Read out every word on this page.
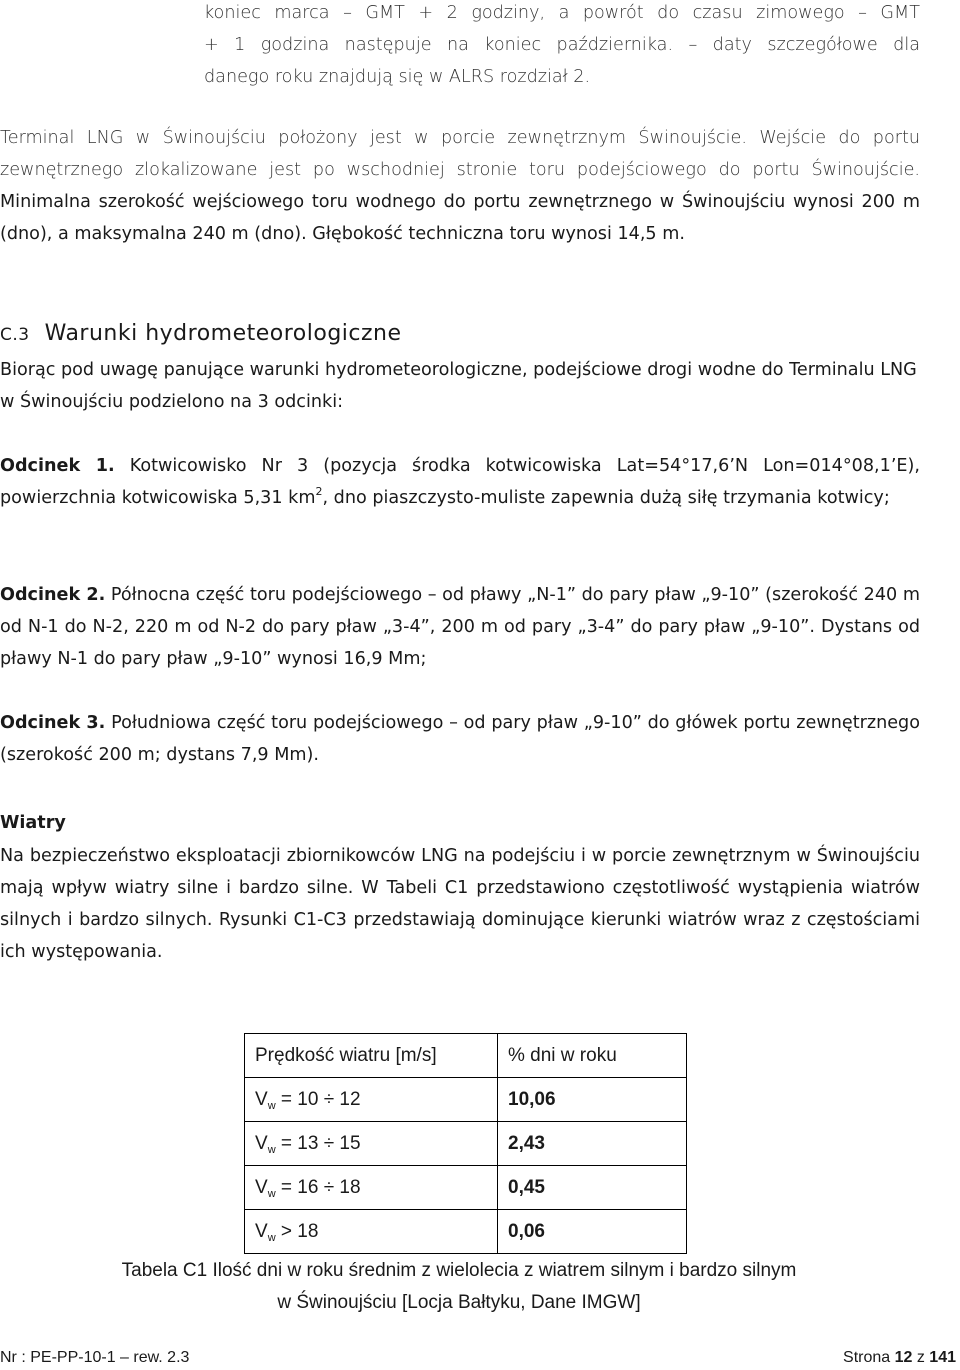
koniec marca – GMT + 2 godziny, a powrót do czasu zimowego – GMT
+ 1 godzina następuje na koniec października. – daty szczegółowe dla
danego roku znajdują się w ALRS rozdział 2.
Terminal LNG w Świnoujściu położony jest w porcie zewnętrznym Świnoujście. Wejście do portu zewnętrznego zlokalizowane jest po wschodniej stronie toru podejściowego do portu Świnoujście. Minimalna szerokość wejściowego toru wodnego do portu zewnętrznego w Świnoujściu wynosi 200 m (dno), a maksymalna 240 m (dno). Głębokość techniczna toru wynosi 14,5 m.
C.3 Warunki hydrometeorologiczne
Biorąc pod uwagę panujące warunki hydrometeorologiczne, podejściowe drogi wodne do Terminalu LNG w Świnoujściu podzielono na 3 odcinki:
Odcinek 1. Kotwicowisko Nr 3 (pozycja środka kotwicowiska Lat=54°17,6’N Lon=014°08,1’E), powierzchnia kotwicowiska 5,31 $km^2$, dno piaszczysto-muliste zapewnia dużą siłę trzymania kotwicy;
Odcinek 2. Północna część toru podejściowego – od pławy „N-1” do pary pław „9-10” (szerokość 240 m od N-1 do N-2, 220 m od N-2 do pary pław „3-4”, 200 m od pary „3-4” do pary pław „9-10”. Dystans od pławy N-1 do pary pław „9-10” wynosi 16,9 Mm;
Odcinek 3. Południowa część toru podejściowego – od pary pław „9-10” do główek portu zewnętrznego (szerokość 200 m; dystans 7,9 Mm).
Wiatry
Na bezpieczeństwo eksploatacji zbiornikowców LNG na podejściu i w porcie zewnętrznym w Świnoujściu mają wpływ wiatry silne i bardzo silne. W Tabeli C1 przedstawiono częstotliwość wystąpienia wiatrów silnych i bardzo silnych. Rysunki C1-C3 przedstawiają dominujące kierunki wiatrów wraz z częstościami ich występowania.
Prędkość wiatru [m/s]	% dni w roku
$V_w = 10 \div 12$	10,06
$V_w = 13 \div 15$	2,43
$V_w = 16 \div 18$	0,45
$V_w > 18$	0,06
Tabela C1 Ilość dni w roku średnim z wielolecia z wiatrem silnym i bardzo silnym
w Świnoujściu [Locja Bałtyku, Dane IMGW]
Nr : PE-PP-10-1 – rew. 2.3	Strona 12 z 141
